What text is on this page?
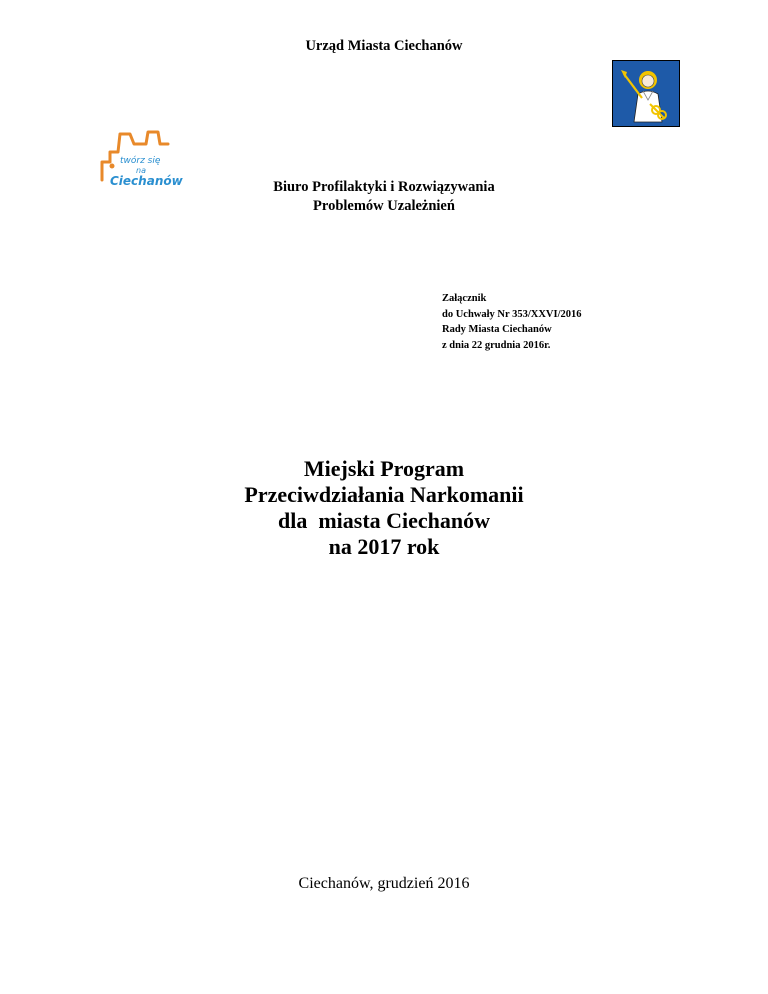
Urząd Miasta Ciechanów
twórz się
na
Ciechanów	Biuro Profilaktyki i Rozwiązywania
Problemów Uzależnień
Załącznik
do Uchwały Nr 353/XXVI/2016
Rady Miasta Ciechanów
z dnia 22 grudnia 2016r.
Miejski Program
Przeciwdziałania Narkomanii
dla  miasta Ciechanów
na 2017 rok
Ciechanów, grudzień 2016
